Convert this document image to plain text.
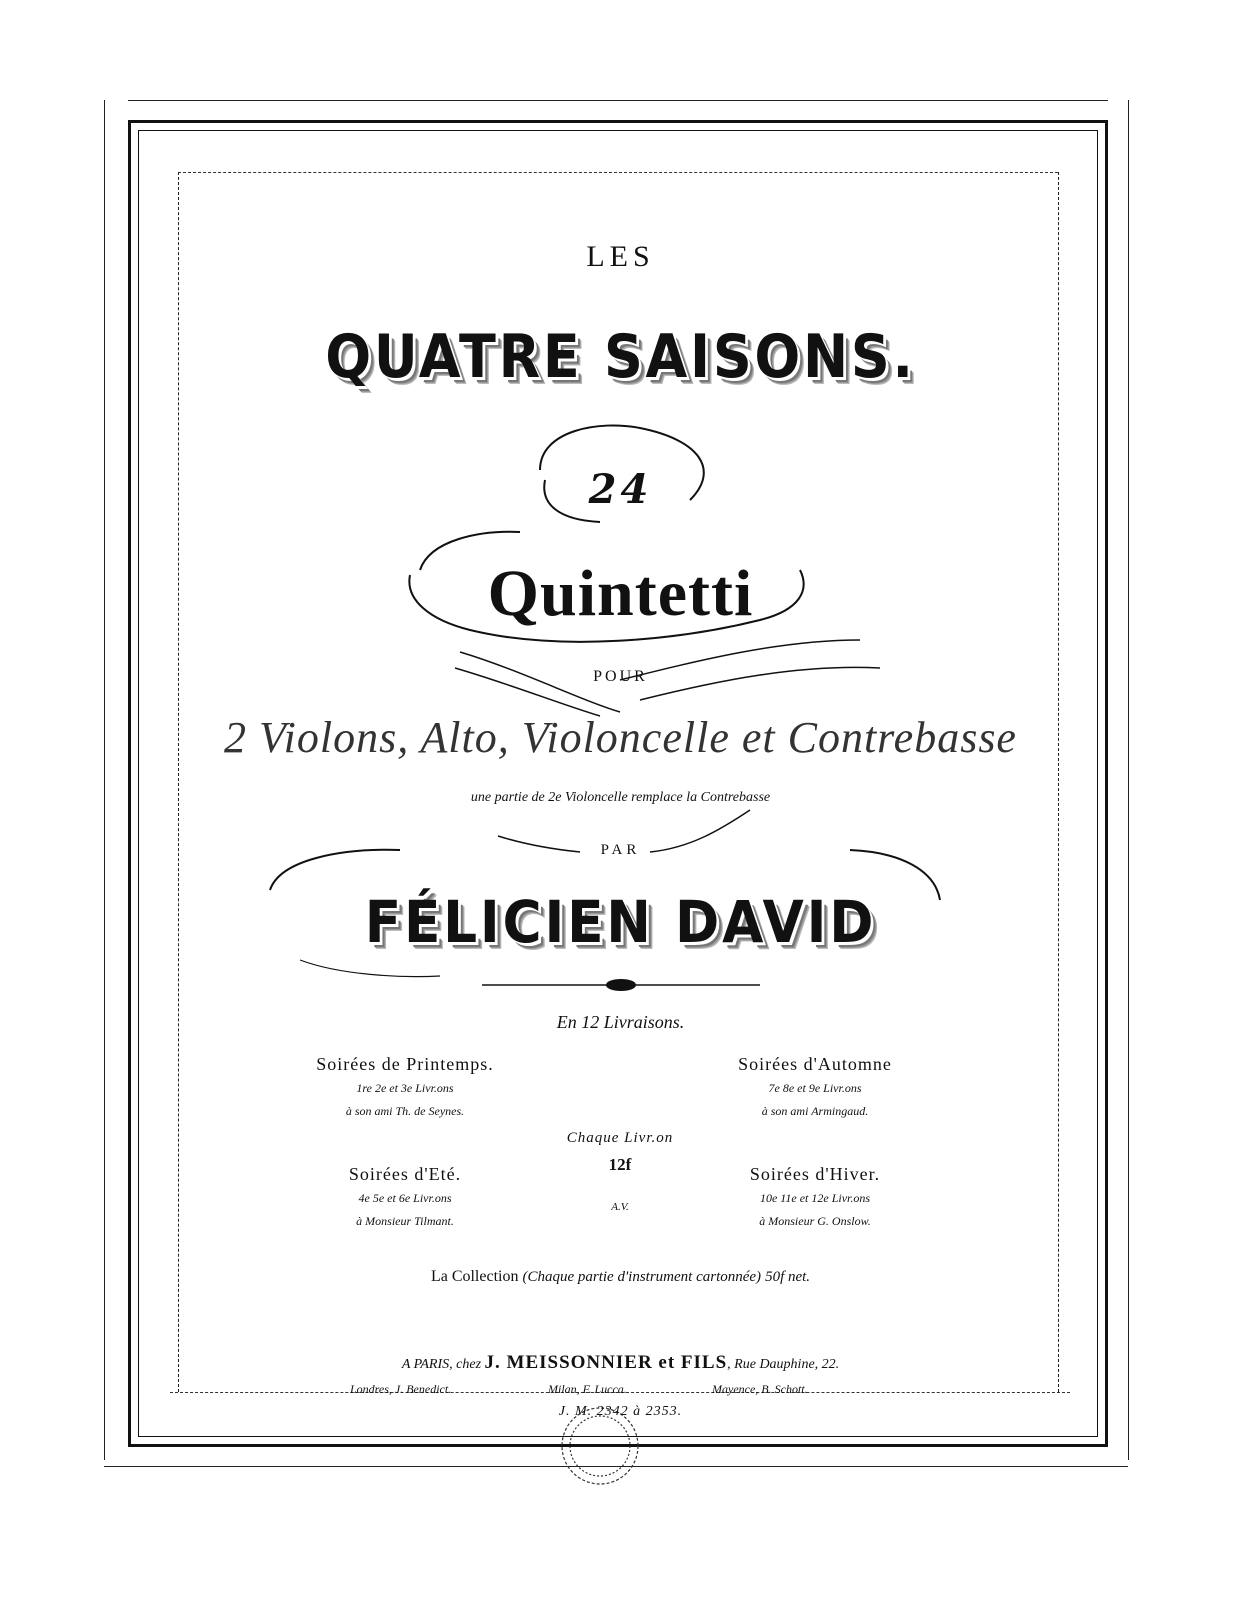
LES
QUATRE SAISONS.
24
Quintetti
POUR
2 Violons, Alto, Violoncelle et Contrebasse
une partie de 2e Violoncelle remplace la Contrebasse
PAR
FÉLICIEN DAVID
En 12 Livraisons.
Soirées de Printemps.
1re 2e et 3e Livr.ons
à son ami Th. de Seynes.
Soirées d'Automne
7e 8e et 9e Livr.ons
à son ami Armingaud.
Soirées d'Eté.
4e 5e et 6e Livr.ons
à Monsieur Tilmant.
Soirées d'Hiver.
10e 11e et 12e Livr.ons
à Monsieur G. Onslow.
Chaque Livr.on
12f
A.V.
La Collection (Chaque partie d'instrument cartonnée) 50f net.
A PARIS, chez J. MEISSONNIER et FILS, Rue Dauphine, 22.
Londres, J. Benedict.	Milan, F. Lucca.	Mayence, B. Schott.
J. M. 2342 à 2353.
